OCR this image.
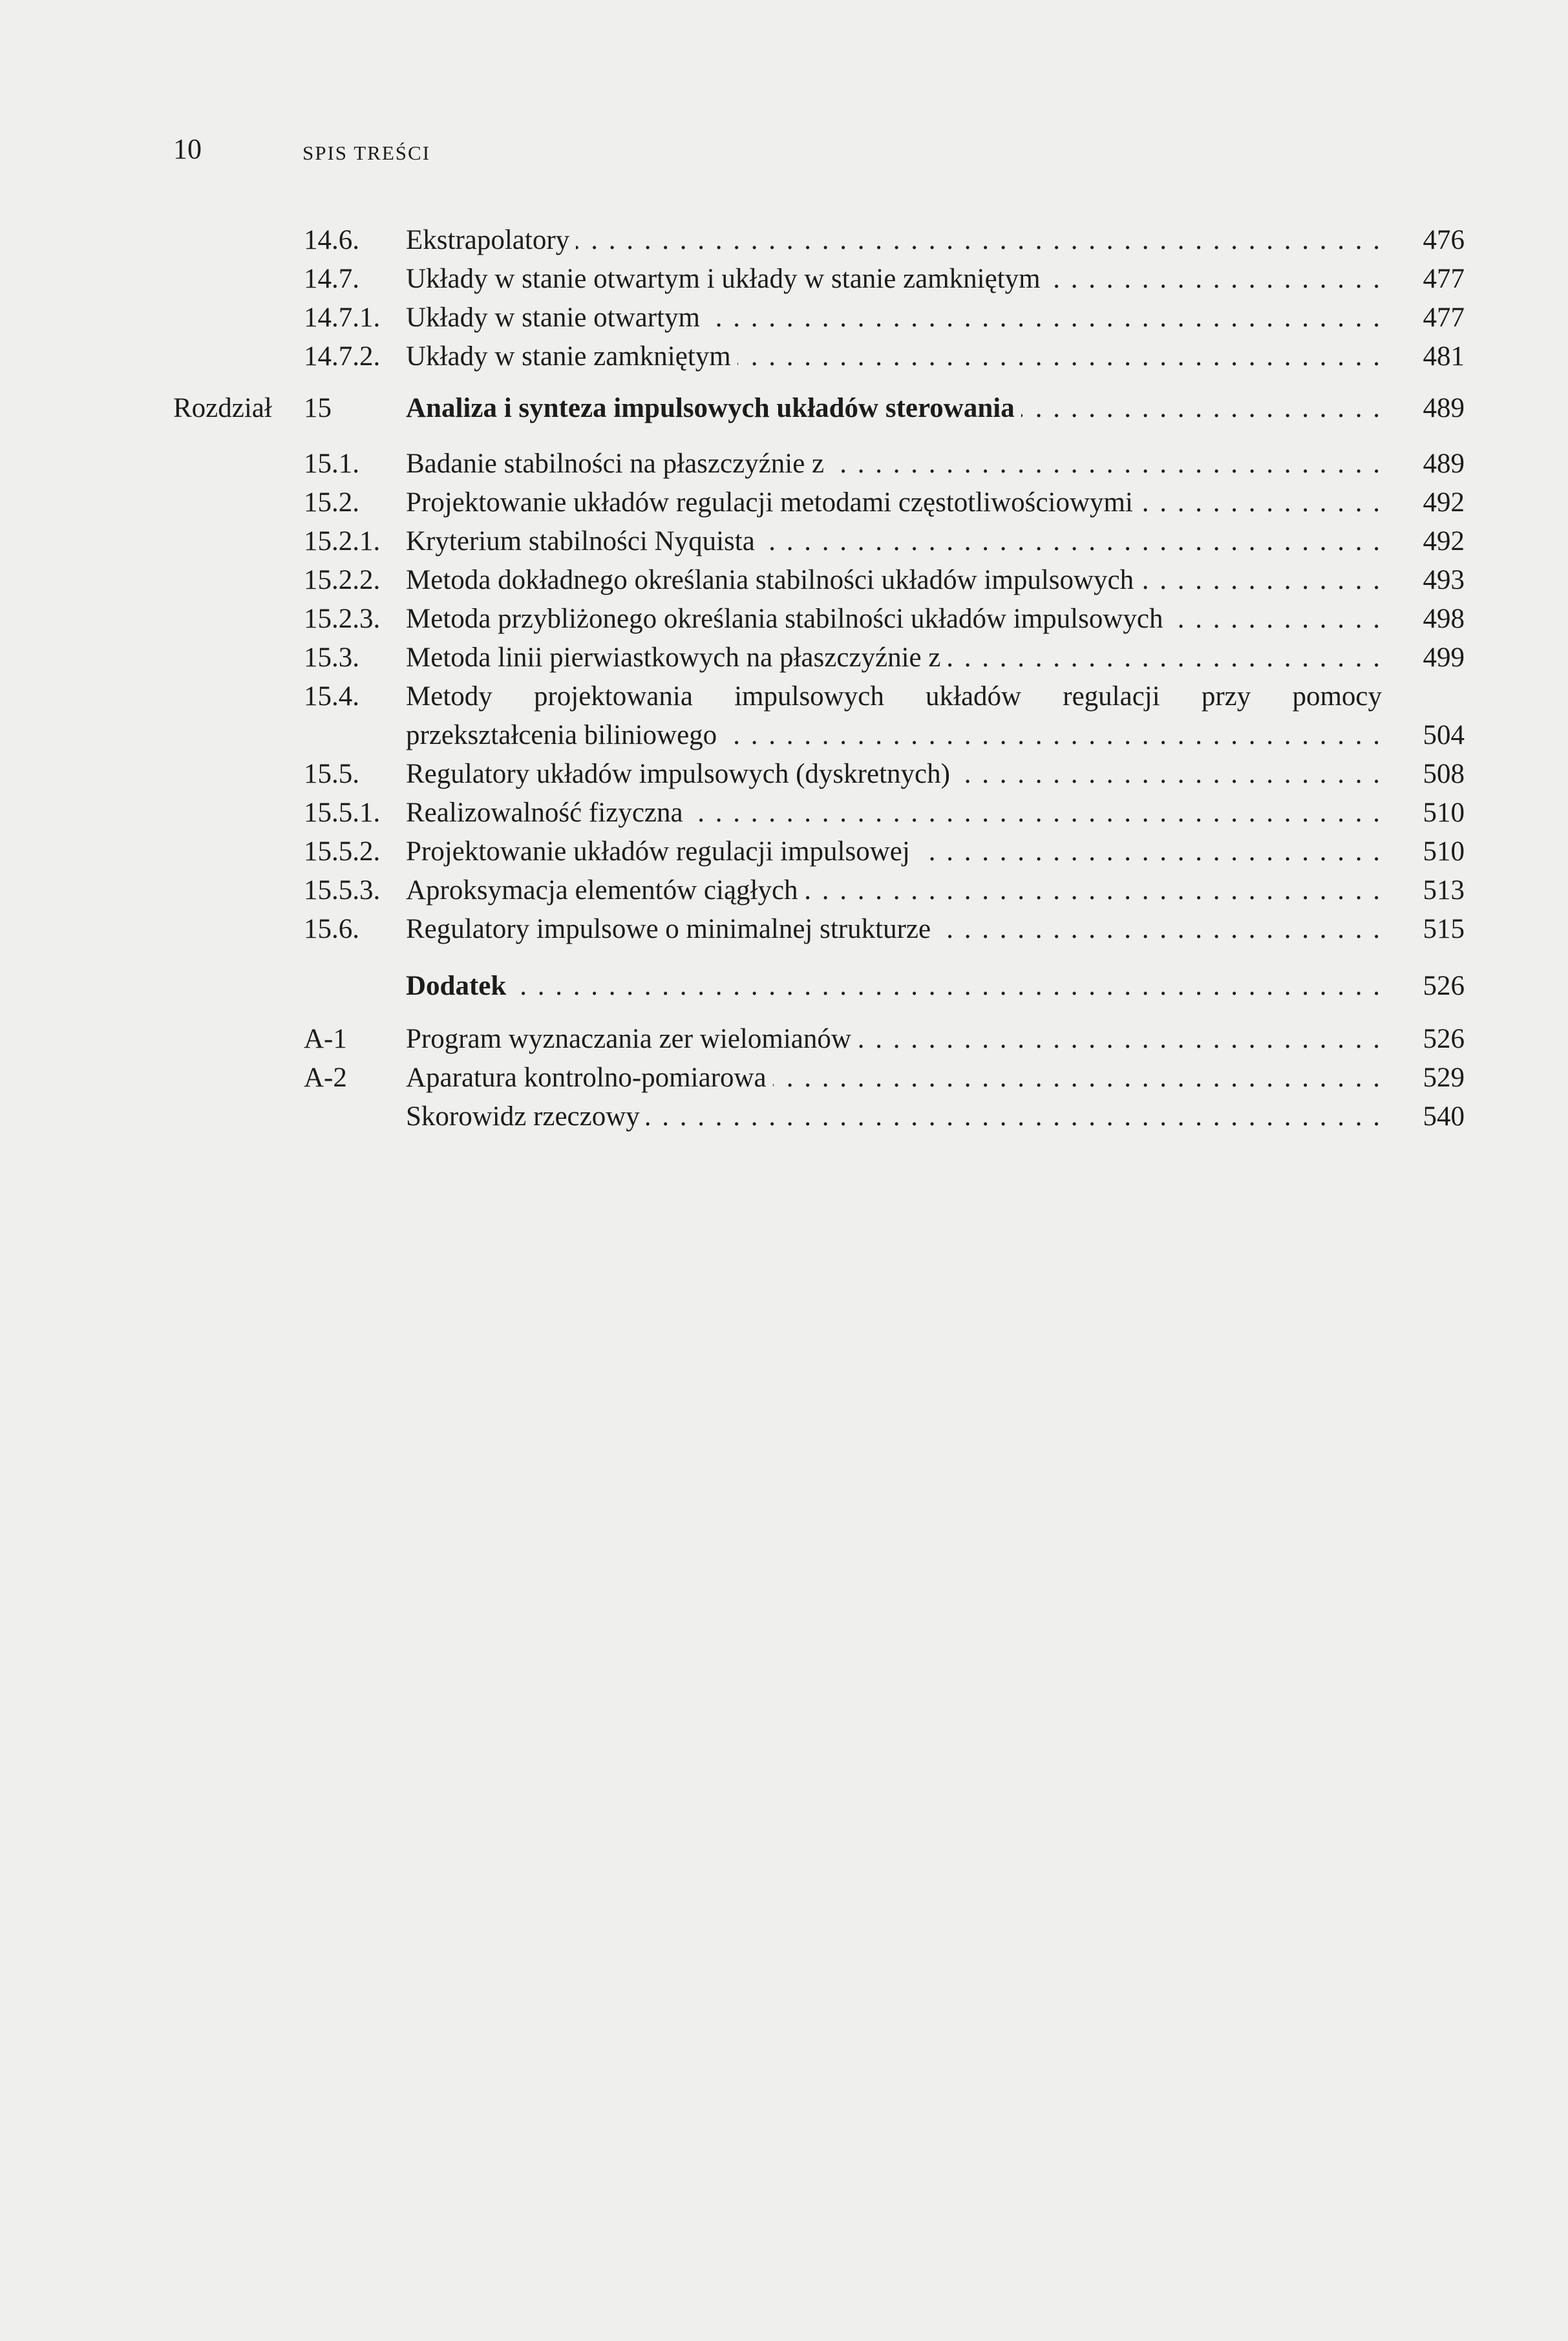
10	SPIS TREŚCI
14.6. Ekstrapolatory . . .	476
14.7. Układy w stanie otwartym i układy w stanie zamkniętym . . .	477
14.7.1. Układy w stanie otwartym . . .	477
14.7.2. Układy w stanie zamkniętym . . .	481
Rozdział 15	Analiza i synteza impulsowych układów sterowania . . .	489
15.1. Badanie stabilności na płaszczyźnie z . . .	489
15.2. Projektowanie układów regulacji metodami częstotliwościowymi . . .	492
15.2.1. Kryterium stabilności Nyquista . . .	492
15.2.2. Metoda dokładnego określania stabilności układów impulsowych . . .	493
15.2.3. Metoda przybliżonego określania stabilności układów impulsowych . . .	498
15.3. Metoda linii pierwiastkowych na płaszczyźnie z . . .	499
15.4. Metody projektowania impulsowych układów regulacji przy pomocy
przekształcenia biliniowego . . .	504
15.5. Regulatory układów impulsowych (dyskretnych) . . .	508
15.5.1. Realizowalność fizyczna . . .	510
15.5.2. Projektowanie układów regulacji impulsowej . . .	510
15.5.3. Aproksymacja elementów ciągłych . . .	513
15.6. Regulatory impulsowe o minimalnej strukturze . . .	515
Dodatek . . .	526
A-1 Program wyznaczania zer wielomianów . . .	526
A-2 Aparatura kontrolno-pomiarowa . . .	529
Skorowidz rzeczowy . . .	540
